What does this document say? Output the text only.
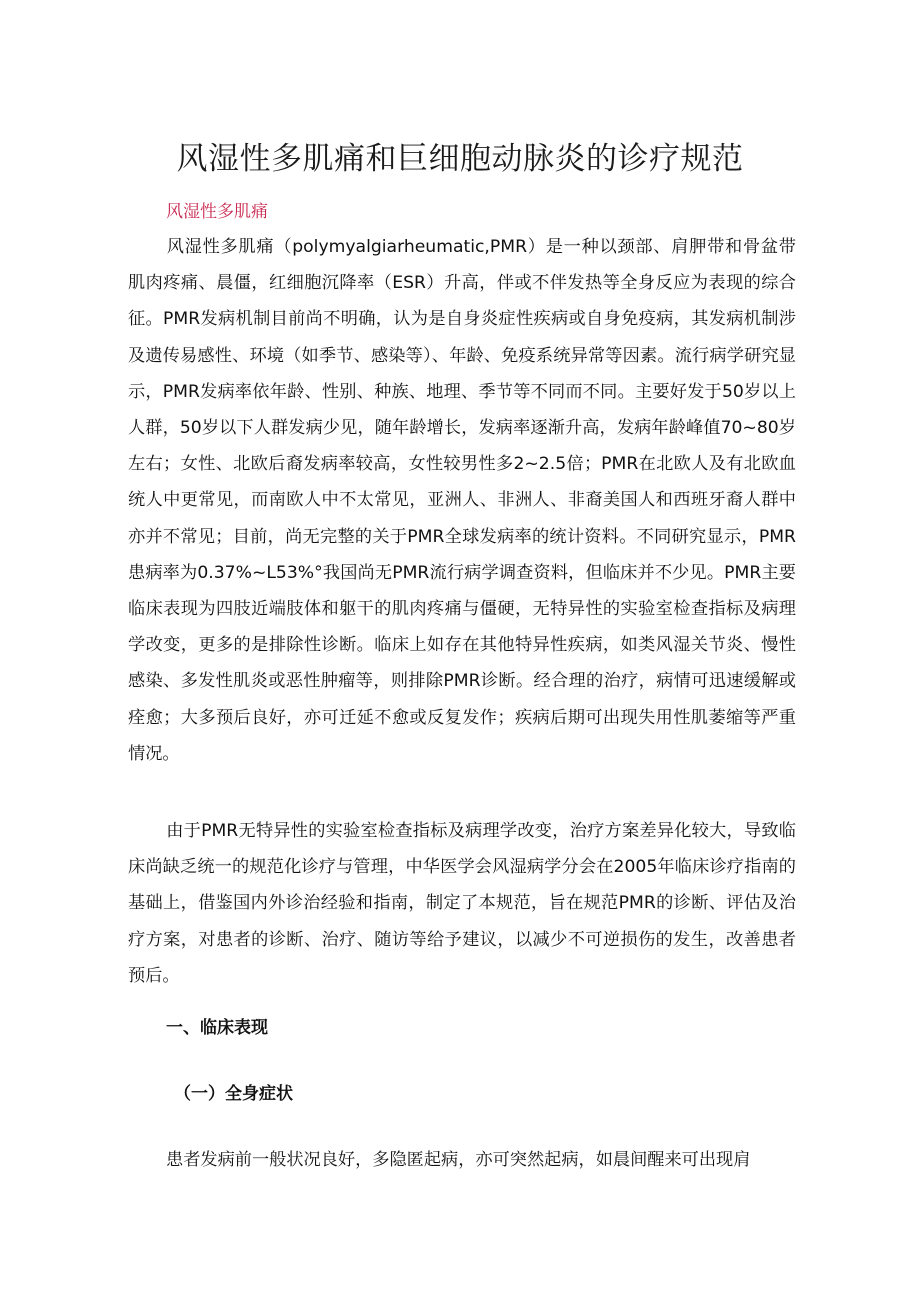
风湿性多肌痛和巨细胞动脉炎的诊疗规范
风湿性多肌痛

风湿性多肌痛（polymyalgiarheumatic,PMR）是一种以颈部、肩胛带和骨盆带肌肉疼痛、晨僵，红细胞沉降率（ESR）升高，伴或不伴发热等全身反应为表现的综合征。PMR发病机制目前尚不明确，认为是自身炎症性疾病或自身免疫病，其发病机制涉及遗传易感性、环境（如季节、感染等）、年龄、免疫系统异常等因素。流行病学研究显示，PMR发病率依年龄、性别、种族、地理、季节等不同而不同。主要好发于50岁以上人群，50岁以下人群发病少见，随年龄增长，发病率逐渐升高，发病年龄峰值70~80岁左右；女性、北欧后裔发病率较高，女性较男性多2~2.5倍；PMR在北欧人及有北欧血统人中更常见，而南欧人中不太常见，亚洲人、非洲人、非裔美国人和西班牙裔人群中亦并不常见；目前，尚无完整的关于PMR全球发病率的统计资料。不同研究显示，PMR患病率为0.37%~L53%°我国尚无PMR流行病学调查资料，但临床并不少见。PMR主要临床表现为四肢近端肢体和躯干的肌肉疼痛与僵硬，无特异性的实验室检查指标及病理学改变，更多的是排除性诊断。临床上如存在其他特异性疾病，如类风湿关节炎、慢性感染、多发性肌炎或恶性肿瘤等，则排除PMR诊断。经合理的治疗，病情可迅速缓解或痊愈；大多预后良好，亦可迁延不愈或反复发作；疾病后期可出现失用性肌萎缩等严重情况。

由于PMR无特异性的实验室检查指标及病理学改变，治疗方案差异化较大，导致临床尚缺乏统一的规范化诊疗与管理，中华医学会风湿病学分会在2005年临床诊疗指南的基础上，借鉴国内外诊治经验和指南，制定了本规范，旨在规范PMR的诊断、评估及治疗方案，对患者的诊断、治疗、随访等给予建议，以减少不可逆损伤的发生，改善患者预后。

一、临床表现
（一）全身症状
患者发病前一般状况良好，多隐匿起病，亦可突然起病，如晨间醒来可出现肩
